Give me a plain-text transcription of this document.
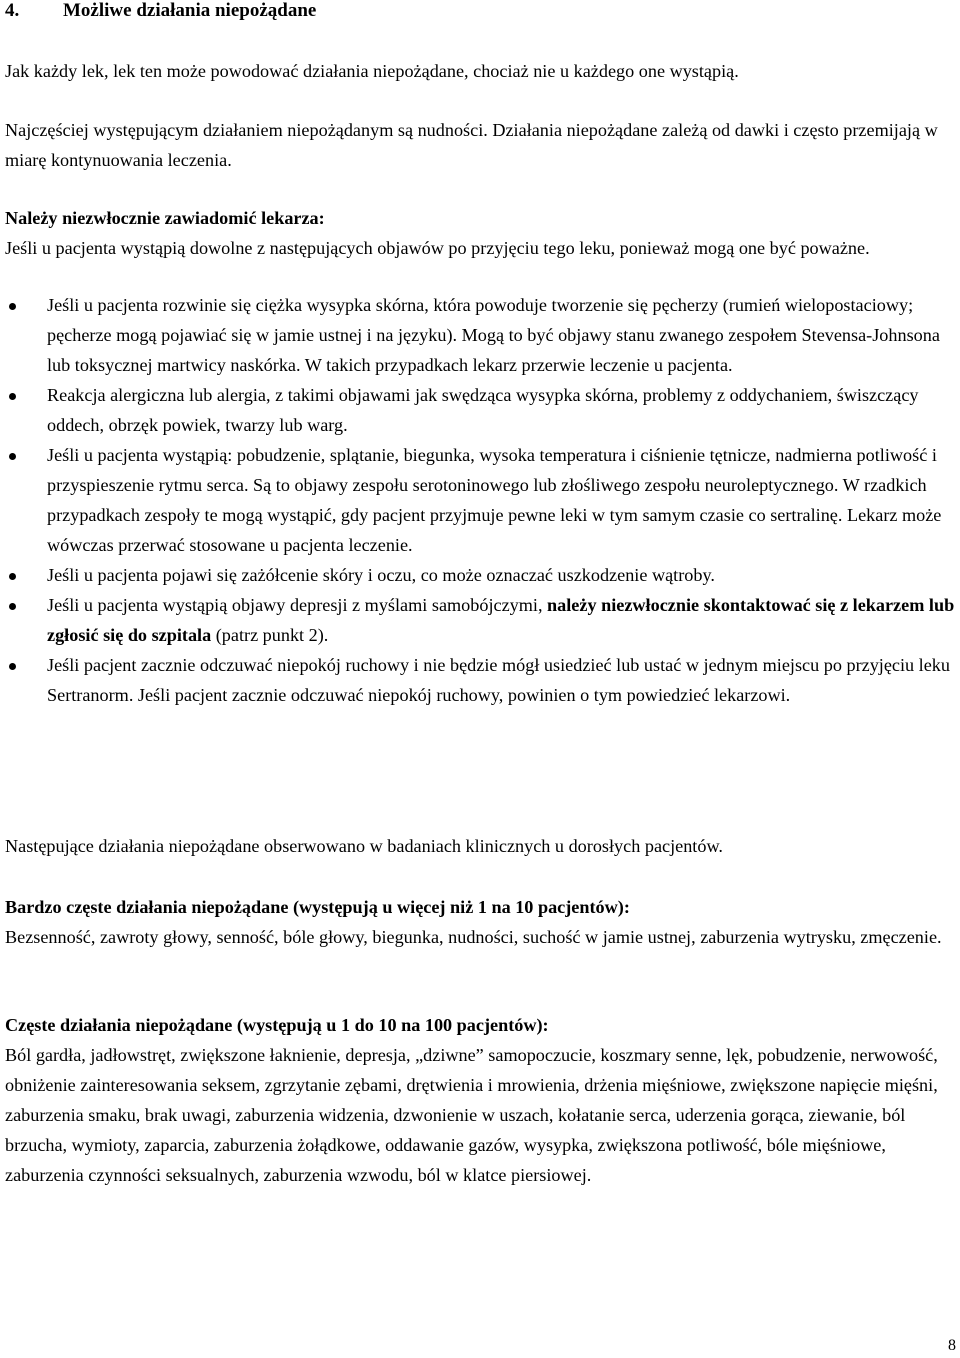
4. Możliwe działania niepożądane

Jak każdy lek, lek ten może powodować działania niepożądane, chociaż nie u każdego one wystąpią.

Najczęściej występującym działaniem niepożądanym są nudności. Działania niepożądane zależą od dawki i często przemijają w miarę kontynuowania leczenia.

Należy niezwłocznie zawiadomić lekarza:
Jeśli u pacjenta wystąpią dowolne z następujących objawów po przyjęciu tego leku, ponieważ mogą one być poważne.

Jeśli u pacjenta rozwinie się ciężka wysypka skórna, która powoduje tworzenie się pęcherzy (rumień wielopostaciowy; pęcherze mogą pojawiać się w jamie ustnej i na języku). Mogą to być objawy stanu zwanego zespołem Stevensa-Johnsona lub toksycznej martwicy naskórka. W takich przypadkach lekarz przerwie leczenie u pacjenta.
Reakcja alergiczna lub alergia, z takimi objawami jak swędząca wysypka skórna, problemy z oddychaniem, świszczący oddech, obrzęk powiek, twarzy lub warg.
Jeśli u pacjenta wystąpią: pobudzenie, splątanie, biegunka, wysoka temperatura i ciśnienie tętnicze, nadmierna potliwość i przyspieszenie rytmu serca. Są to objawy zespołu serotoninowego lub złośliwego zespołu neuroleptycznego. W rzadkich przypadkach zespoły te mogą wystąpić, gdy pacjent przyjmuje pewne leki w tym samym czasie co sertralinę. Lekarz może wówczas przerwać stosowane u pacjenta leczenie.
Jeśli u pacjenta pojawi się zażółcenie skóry i oczu, co może oznaczać uszkodzenie wątroby.
Jeśli u pacjenta wystąpią objawy depresji z myślami samobójczymi, należy niezwłocznie skontaktować się z lekarzem lub zgłosić się do szpitala (patrz punkt 2).
Jeśli pacjent zacznie odczuwać niepokój ruchowy i nie będzie mógł usiedzieć lub ustać w jednym miejscu po przyjęciu leku Sertranorm. Jeśli pacjent zacznie odczuwać niepokój ruchowy, powinien o tym powiedzieć lekarzowi.

Następujące działania niepożądane obserwowano w badaniach klinicznych u dorosłych pacjentów.

Bardzo częste działania niepożądane (występują u więcej niż 1 na 10 pacjentów):
Bezsenność, zawroty głowy, senność, bóle głowy, biegunka, nudności, suchość w jamie ustnej, zaburzenia wytrysku, zmęczenie.

Częste działania niepożądane (występują u 1 do 10 na 100 pacjentów):
Ból gardła, jadłowstręt, zwiększone łaknienie, depresja, „dziwne” samopoczucie, koszmary senne, lęk, pobudzenie, nerwowość, obniżenie zainteresowania seksem, zgrzytanie zębami, drętwienia i mrowienia, drżenia mięśniowe, zwiększone napięcie mięśni, zaburzenia smaku, brak uwagi, zaburzenia widzenia, dzwonienie w uszach, kołatanie serca, uderzenia gorąca, ziewanie, ból brzucha, wymioty, zaparcia, zaburzenia żołądkowe, oddawanie gazów, wysypka, zwiększona potliwość, bóle mięśniowe, zaburzenia czynności seksualnych, zaburzenia wzwodu, ból w klatce piersiowej.

8
